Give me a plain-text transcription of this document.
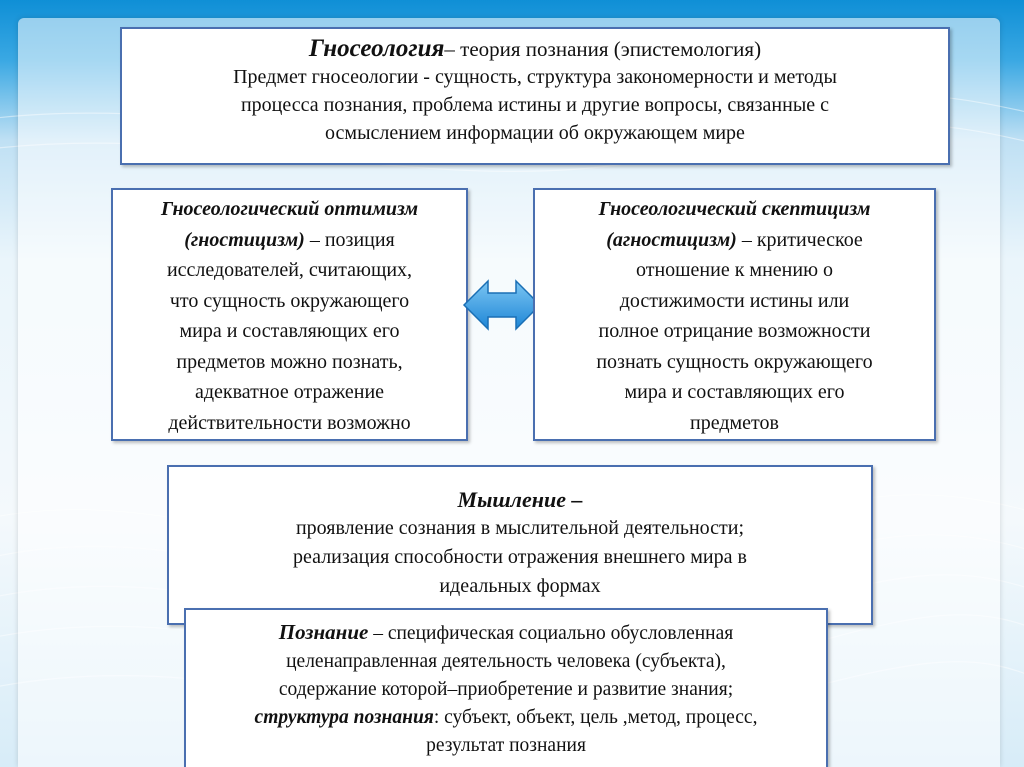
Гносеология– теория познания (эпистемология)

Предмет гносеологии - сущность, структура закономерности и методы

процесса познания, проблема истины и другие вопросы, связанные с

осмыслением информации об окружающем мире

Гносеологический оптимизм

(гностицизм) – позиция

исследователей, считающих,

что сущность окружающего

мира и составляющих его

предметов можно познать,

адекватное отражение

действительности возможно

Гносеологический скептицизм

(агностицизм) – критическое

отношение к мнению о

достижимости истины или

полное отрицание возможности

познать сущность окружающего

мира и составляющих его

предметов

Мышление –

проявление сознания в мыслительной деятельности;

реализация способности отражения внешнего мира в

идеальных формах

Познание – специфическая социально обусловленная

целенаправленная деятельность человека (субъекта),

содержание которой–приобретение и развитие знания;

структура познания: субъект, объект, цель ,метод, процесс,

результат познания
